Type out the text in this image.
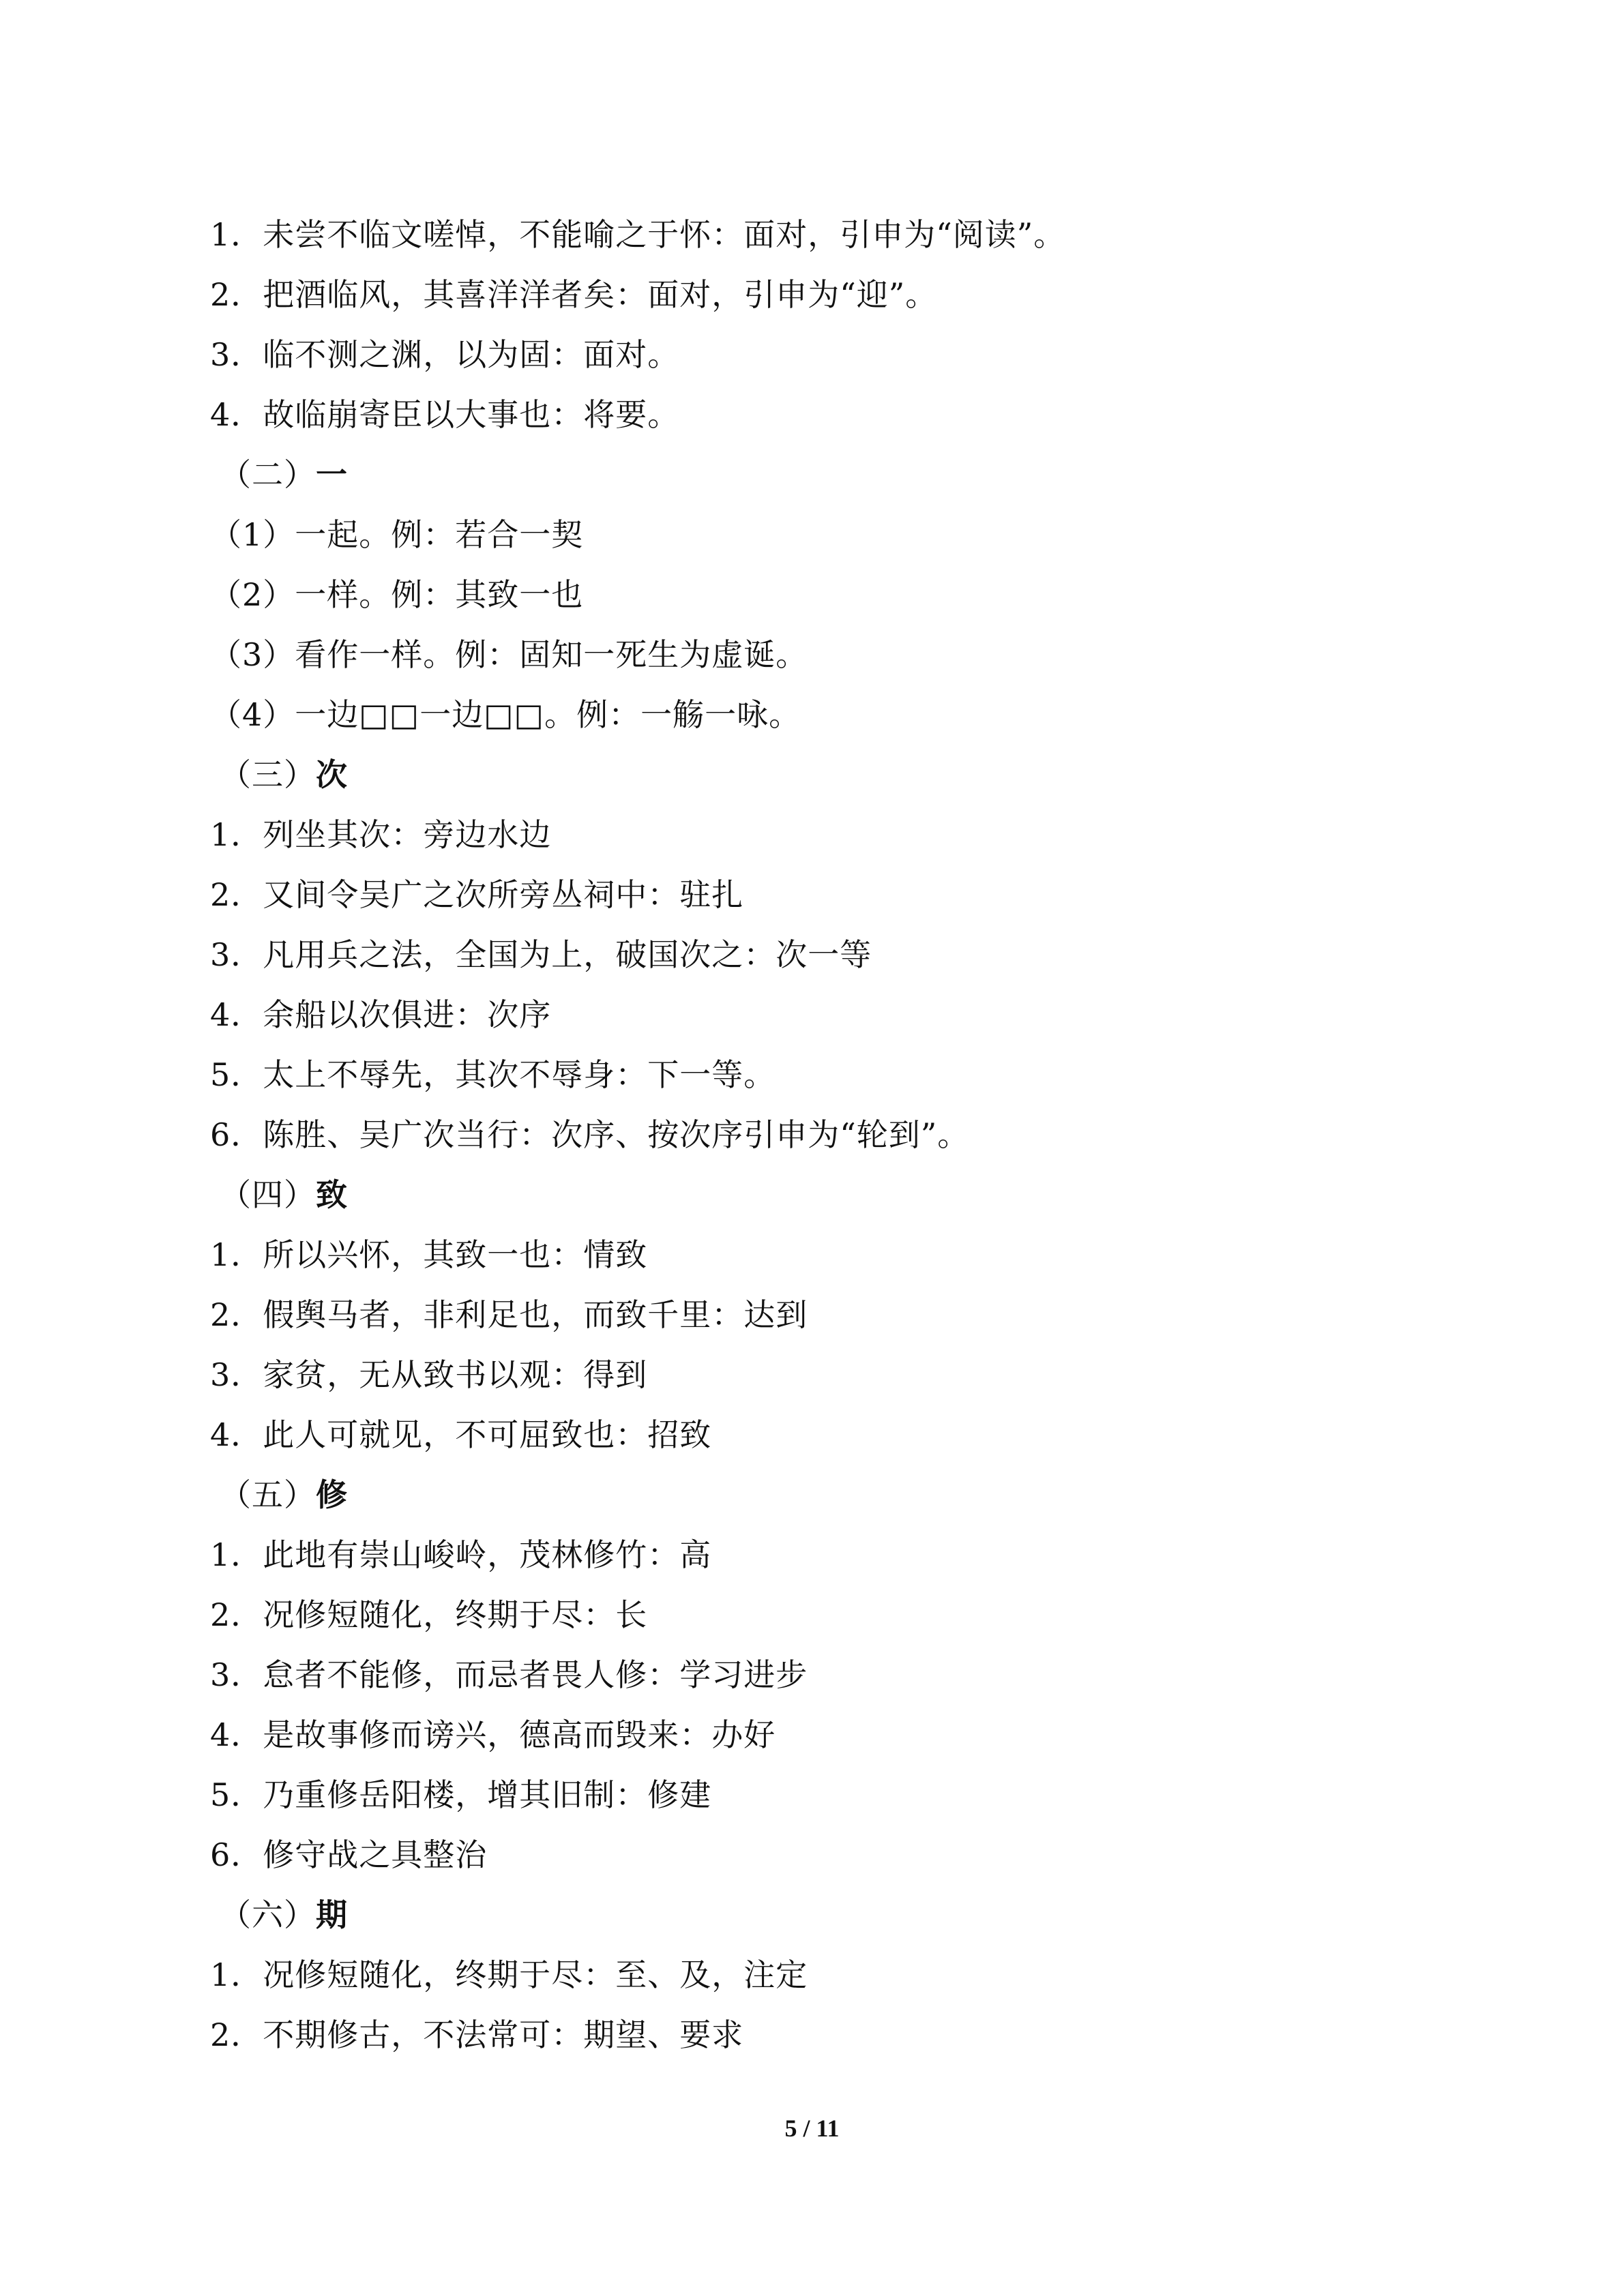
1．未尝不临文嗟悼，不能喻之于怀：面对，引申为“阅读”。
2．把酒临风，其喜洋洋者矣：面对，引申为“迎”。
3．临不测之渊，以为固：面对。
4．故临崩寄臣以大事也：将要。
（二）一
（1）一起。例：若合一契
（2）一样。例：其致一也
（3）看作一样。例：固知一死生为虚诞。
（4）一边□□一边□□。例：一觞一咏。
（三）次
1．列坐其次：旁边水边
2．又间令吴广之次所旁丛祠中：驻扎
3．凡用兵之法，全国为上，破国次之：次一等
4．余船以次俱进：次序
5．太上不辱先，其次不辱身：下一等。
6．陈胜、吴广次当行：次序、按次序引申为“轮到”。
（四）致
1．所以兴怀，其致一也：情致
2．假舆马者，非利足也，而致千里：达到
3．家贫，无从致书以观：得到
4．此人可就见，不可屈致也：招致
（五）修
1．此地有崇山峻岭，茂林修竹：高
2．况修短随化，终期于尽：长
3．怠者不能修，而忌者畏人修：学习进步
4．是故事修而谤兴，德高而毁来：办好
5．乃重修岳阳楼，增其旧制：修建
6．修守战之具整治
（六）期
1．况修短随化，终期于尽：至、及，注定
2．不期修古，不法常可：期望、要求
5 / 11
